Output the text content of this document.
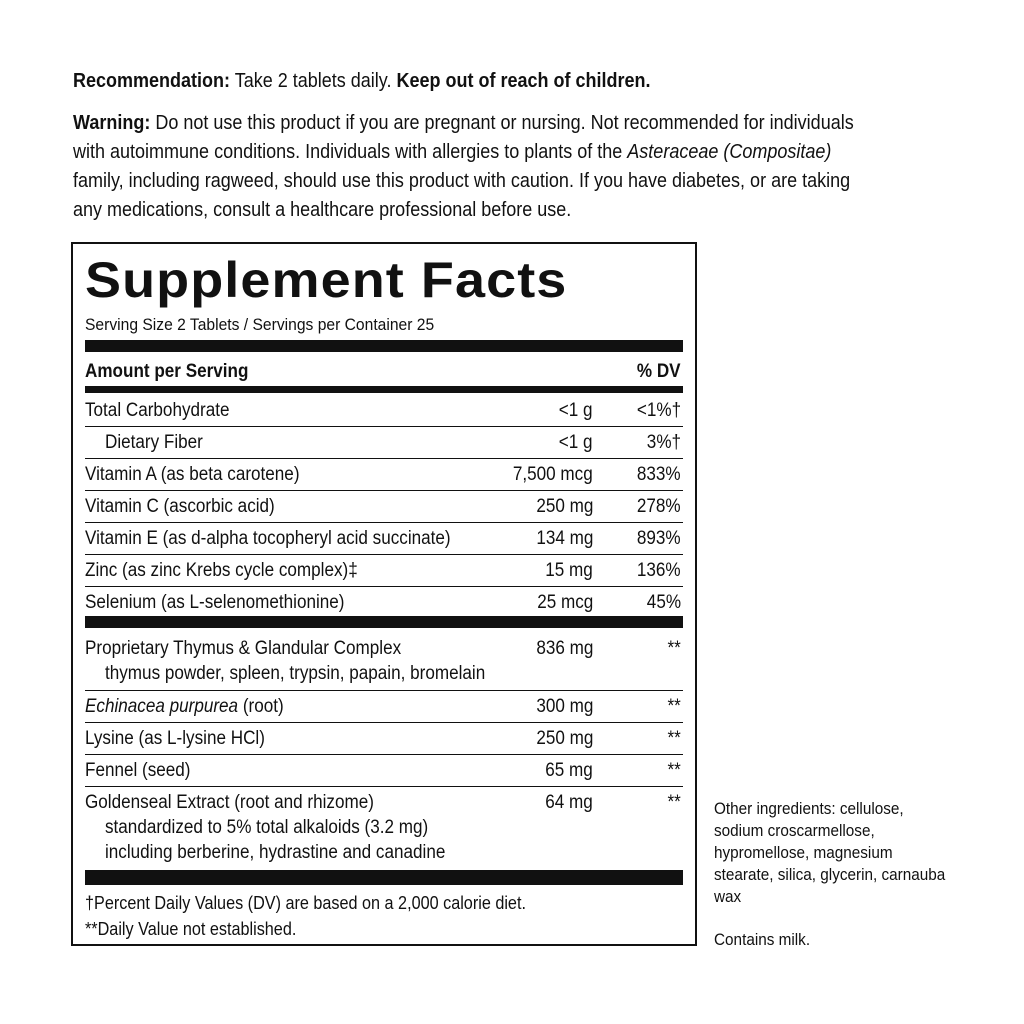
Recommendation: Take 2 tablets daily. Keep out of reach of children.
Warning: Do not use this product if you are pregnant or nursing. Not recommended for individuals with autoimmune conditions. Individuals with allergies to plants of the Asteraceae (Compositae) family, including ragweed, should use this product with caution. If you have diabetes, or are taking any medications, consult a healthcare professional before use.
Supplement Facts
Serving Size 2 Tablets / Servings per Container 25
Amount per Serving	% DV
Total Carbohydrate	<1 g <1%†
Dietary Fiber	<1 g	3%†
Vitamin A (as beta carotene)	7,500 mcg 833%
Vitamin C (ascorbic acid)	250 mg 278%
Vitamin E (as d-alpha tocopheryl acid succinate)	134 mg 893%
Zinc (as zinc Krebs cycle complex)‡	15 mg 136%
Selenium (as L-selenomethionine)	25 mcg	45%
Proprietary Thymus & Glandular Complex	836 mg	**
thymus powder, spleen, trypsin, papain, bromelain
Echinacea purpurea (root)	300 mg	**
Lysine (as L-lysine HCl)	250 mg	**
Fennel (seed)	65 mg	**
Goldenseal Extract (root and rhizome)	64 mg	**
standardized to 5% total alkaloids (3.2 mg)
including berberine, hydrastine and canadine
†Percent Daily Values (DV) are based on a 2,000 calorie diet.
**Daily Value not established.
Other ingredients: cellulose, sodium croscarmellose, hypromellose, magnesium stearate, silica, glycerin, carnauba wax
Contains milk.
